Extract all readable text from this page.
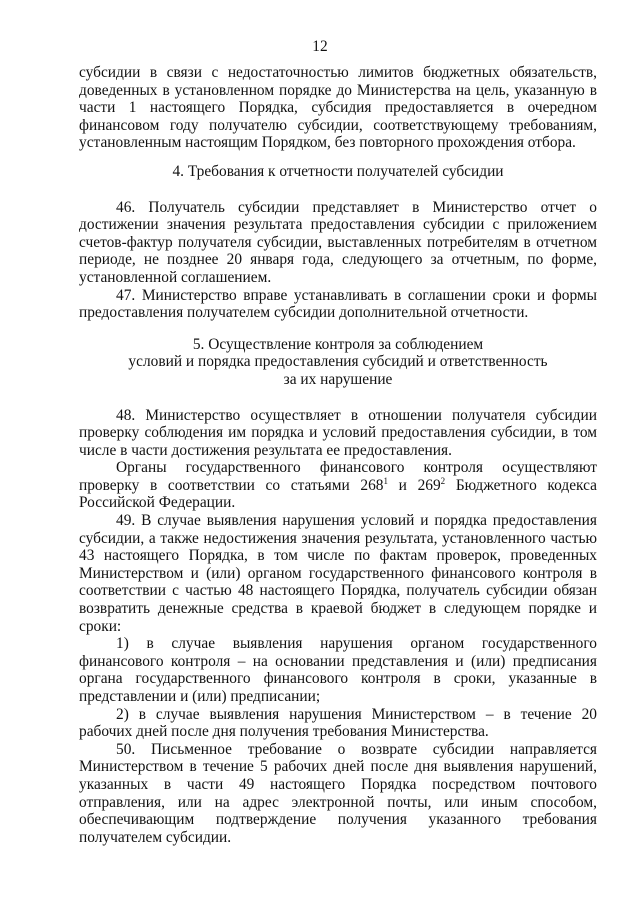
12

субсидии в связи с недостаточностью лимитов бюджетных обязательств, доведенных в установленном порядке до Министерства на цель, указанную в части 1 настоящего Порядка, субсидия предоставляется в очередном финансовом году получателю субсидии, соответствующему требованиям, установленным настоящим Порядком, без повторного прохождения отбора.

4. Требования к отчетности получателей субсидии

46. Получатель субсидии представляет в Министерство отчет о достижении значения результата предоставления субсидии с приложением счетов-фактур получателя субсидии, выставленных потребителям в отчетном периоде, не позднее 20 января года, следующего за отчетным, по форме, установленной соглашением.

47. Министерство вправе устанавливать в соглашении сроки и формы предоставления получателем субсидии дополнительной отчетности.

5. Осуществление контроля за соблюдением

условий и порядка предоставления субсидий и ответственность

за их нарушение

48. Министерство осуществляет в отношении получателя субсидии проверку соблюдения им порядка и условий предоставления субсидии, в том числе в части достижения результата ее предоставления.

Органы государственного финансового контроля осуществляют проверку в соответствии со статьями $268^1$ и $269^2$ Бюджетного кодекса Российской Федерации.

49. В случае выявления нарушения условий и порядка предоставления субсидии, а также недостижения значения результата, установленного частью 43 настоящего Порядка, в том числе по фактам проверок, проведенных Министерством и (или) органом государственного финансового контроля в соответствии с частью 48 настоящего Порядка, получатель субсидии обязан возвратить денежные средства в краевой бюджет в следующем порядке и сроки:

1) в случае выявления нарушения органом государственного финансового контроля – на основании представления и (или) предписания органа государственного финансового контроля в сроки, указанные в представлении и (или) предписании;

2) в случае выявления нарушения Министерством – в течение 20 рабочих дней после дня получения требования Министерства.

50. Письменное требование о возврате субсидии направляется Министерством в течение 5 рабочих дней после дня выявления нарушений, указанных в части 49 настоящего Порядка посредством почтового отправления, или на адрес электронной почты, или иным способом, обеспечивающим подтверждение получения указанного требования получателем субсидии.
